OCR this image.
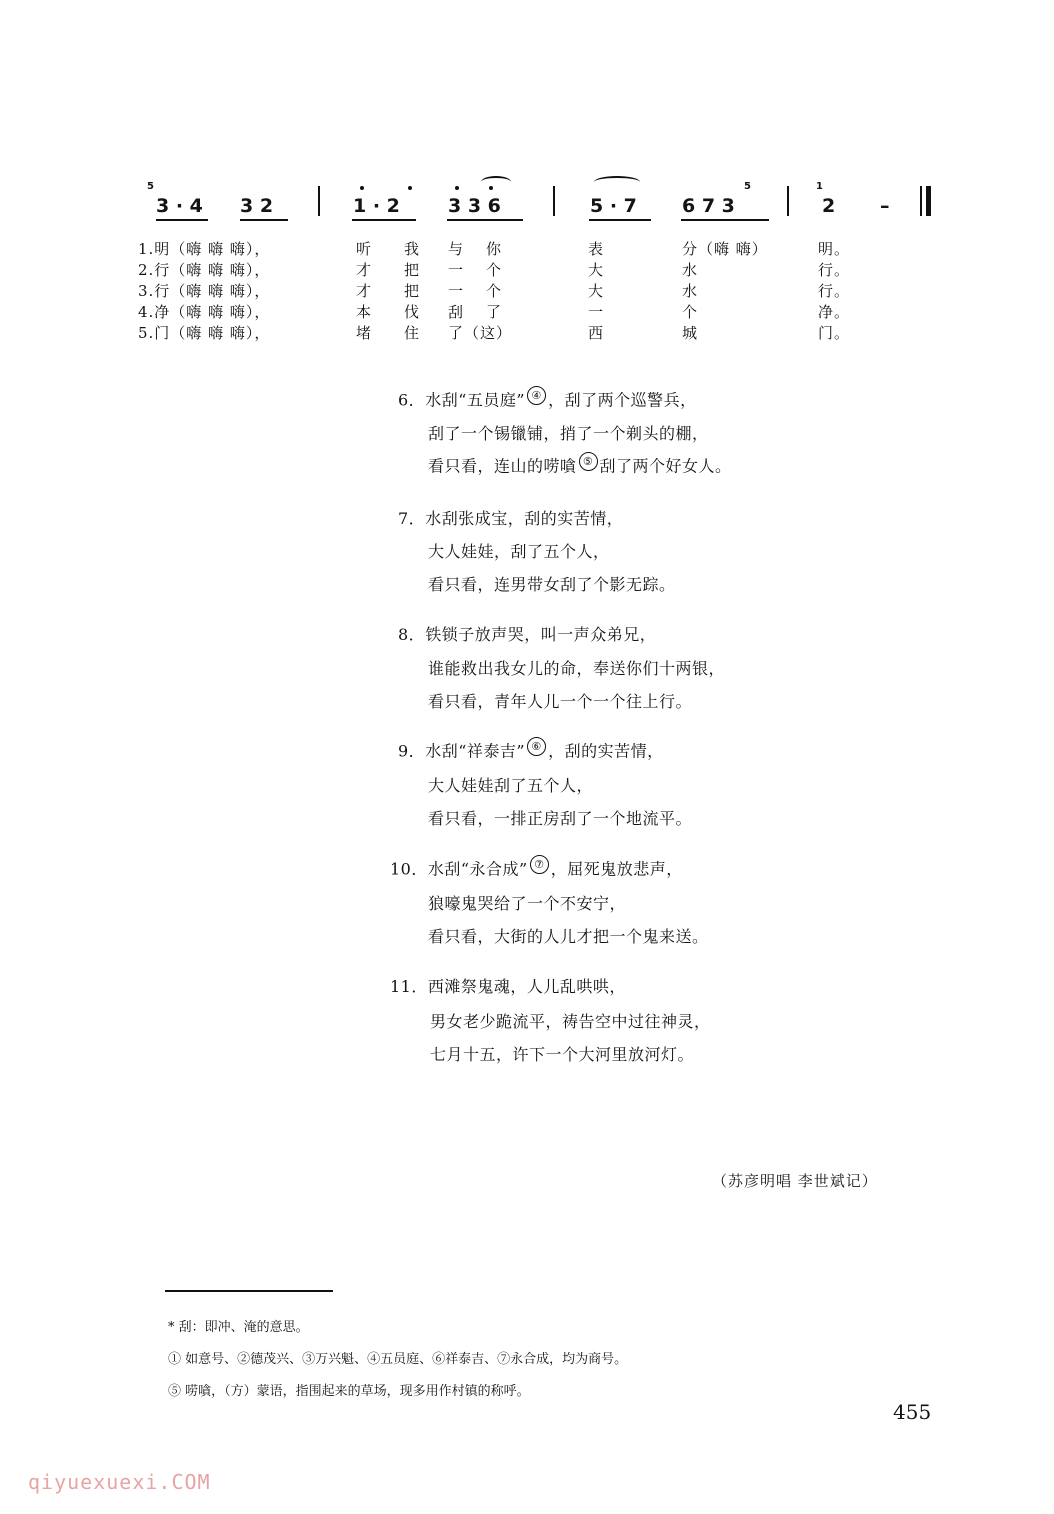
5
3 · 4 3 2	1 · 2	3 3 6	5 · 7 6 7 3
5	1
2 –
1.明（嗨 嗨 嗨），	听 我 与 你	表	分（嗨 嗨）	明。
2.行（嗨 嗨 嗨），	才 把 一 个	大	水	行。
3.行（嗨 嗨 嗨），	才 把 一 个	大	水	行。
4.净（嗨 嗨 嗨），	本 伐 刮 了	一	个	净。
5.门（嗨 嗨 嗨），	堵 住 了（这）	西	城	门。
6．水刮“五员庭” ④ ，刮了两个巡警兵，
刮了一个锡镴铺，捎了一个剃头的棚，
看只看，连山的唠嗿 ⑤ 刮了两个好女人。
7．水刮张成宝，刮的实苦情，
大人娃娃，刮了五个人，
看只看，连男带女刮了个影无踪。
8．铁锁子放声哭，叫一声众弟兄，
谁能救出我女儿的命，奉送你们十两银，
看只看，青年人儿一个一个往上行。
9．水刮“祥泰吉” ⑥ ，刮的实苦情，
大人娃娃刮了五个人，
看只看，一排正房刮了一个地流平。
10．水刮“永合成” ⑦ ，屈死鬼放悲声，
狼嚎鬼哭给了一个不安宁，
看只看，大街的人儿才把一个鬼来送。
11．西滩祭鬼魂，人儿乱哄哄，
男女老少跪流平，祷告空中过往神灵，
七月十五，许下一个大河里放河灯。
（苏彦明唱 李世斌记）
* 刮：即冲、淹的意思。
① 如意号、②德茂兴、③万兴魁、④五员庭、⑥祥泰吉、⑦永合成，均为商号。
⑤ 唠嗿，（方）蒙语，指围起来的草场，现多用作村镇的称呼。
455
qiyuexuexi.COM
